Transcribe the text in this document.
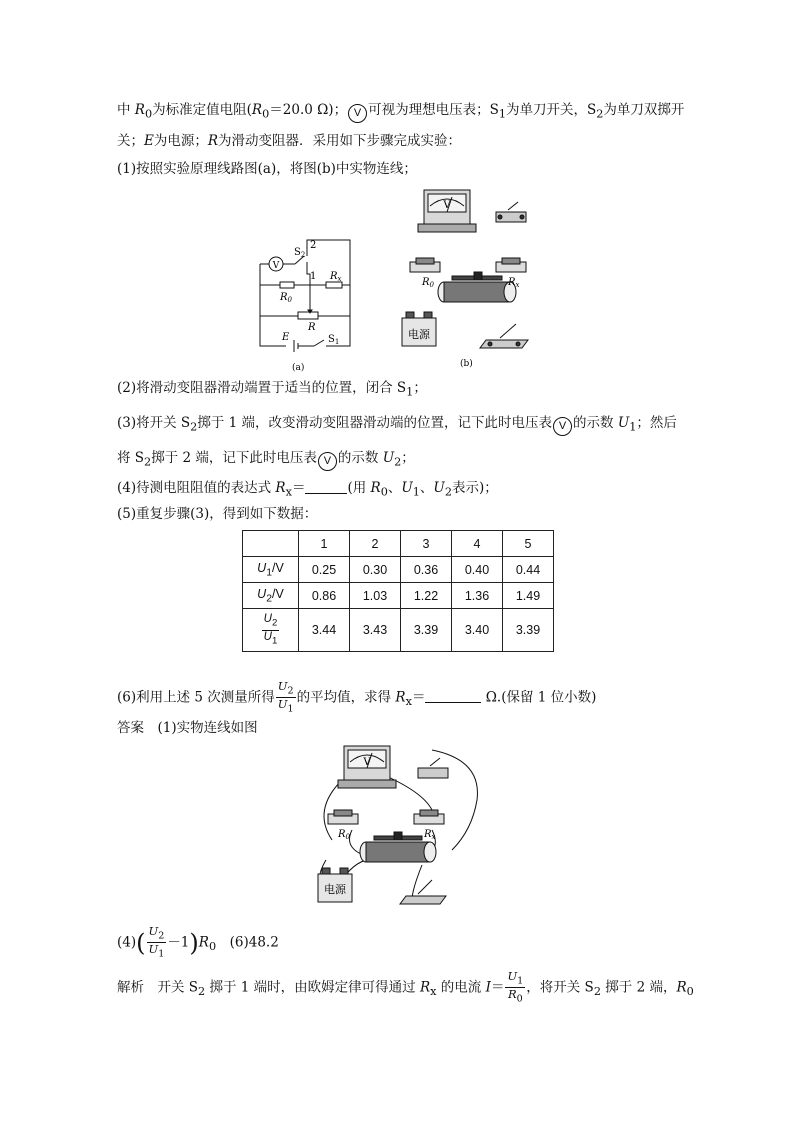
中 $R_0$为标准定值电阻($R_0=20.0$ Ω)； V 可视为理想电压表；$S_1$为单刀开关，$S_2$为单刀双掷开
关；E为电源；R为滑动变阻器．采用如下步骤完成实验：
(1)按照实验原理线路图(a)，将图(b)中实物连线；
V
$S_2$
2
1 $R_x$
$R_0$
R
E	$S_1$
(a)
V
$R_0$	$R_x$
电源
(b)
(2)将滑动变阻器滑动端置于适当的位置，闭合 $S_1$；
(3)将开关 $S_2$掷于 1 端，改变滑动变阻器滑动端的位置，记下此时电压表 V 的示数 $U_1$；然后
将 $S_2$掷于 2 端，记下此时电压表 V 的示数 $U_2$；
(4)待测电阻阻值的表达式 $R_x=$	(用 $R_0$、$U_1$、$U_2$表示)；
(5)重复步骤(3)，得到如下数据：
	1	2	3	4	5
$U_1/V$	0.25	0.30	0.36	0.40	0.44
$U_2/V$	0.86	1.03	1.22	1.36	1.49

$\frac{U_2}{U_1}$	3.44	3.43	3.39	3.40	3.39
(6)利用上述 5 次测量所得 $\frac{U_2}{U_1}$ 的平均值，求得 $R_x=$	Ω.(保留 1 位小数)
答案　(1)实物连线如图
V
$R_0$	$R_x$
电源
$(4)( \frac{U_2}{U_1} -1)R_0$　(6)48.2
解析　开关 $S_2$ 掷于 1 端时，由欧姆定律可得通过 $R_x$ 的电流 $I= \frac{U_1}{R_0}$ ，将开关 $S_2$ 掷于 2 端，$R_0$
